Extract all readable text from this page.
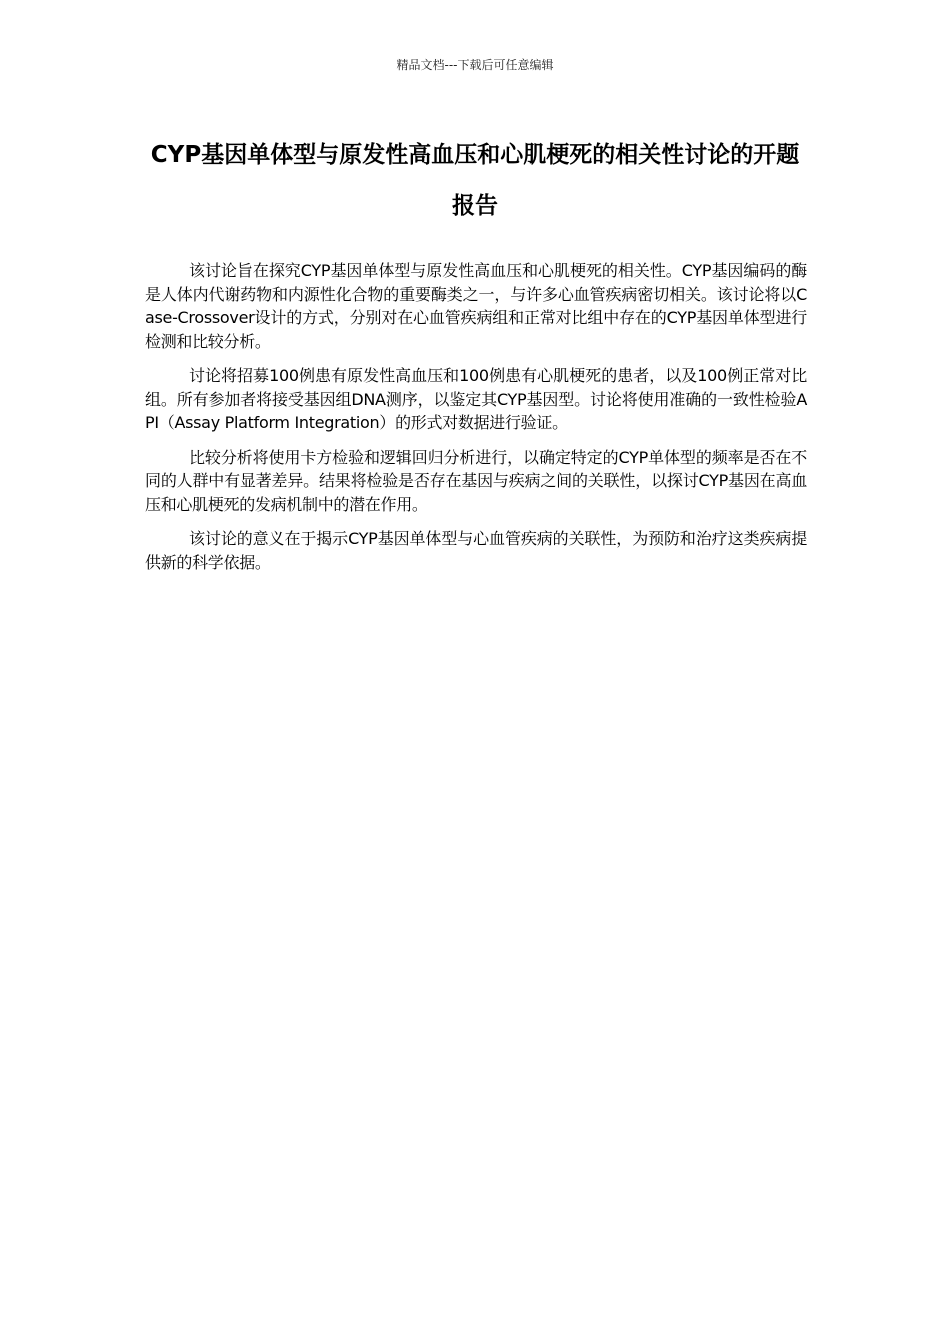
精品文档---下载后可任意编辑
CYP基因单体型与原发性高血压和心肌梗死的相关性讨论的开题报告

该讨论旨在探究CYP基因单体型与原发性高血压和心肌梗死的相关性。CYP基因编码的酶是人体内代谢药物和内源性化合物的重要酶类之一，与许多心血管疾病密切相关。该讨论将以Case-Crossover设计的方式，分别对在心血管疾病组和正常对比组中存在的CYP基因单体型进行检测和比较分析。

讨论将招募100例患有原发性高血压和100例患有心肌梗死的患者，以及100例正常对比组。所有参加者将接受基因组DNA测序，以鉴定其CYP基因型。讨论将使用准确的一致性检验API（Assay Platform Integration）的形式对数据进行验证。

比较分析将使用卡方检验和逻辑回归分析进行，以确定特定的CYP单体型的频率是否在不同的人群中有显著差异。结果将检验是否存在基因与疾病之间的关联性，以探讨CYP基因在高血压和心肌梗死的发病机制中的潜在作用。

该讨论的意义在于揭示CYP基因单体型与心血管疾病的关联性，为预防和治疗这类疾病提供新的科学依据。
